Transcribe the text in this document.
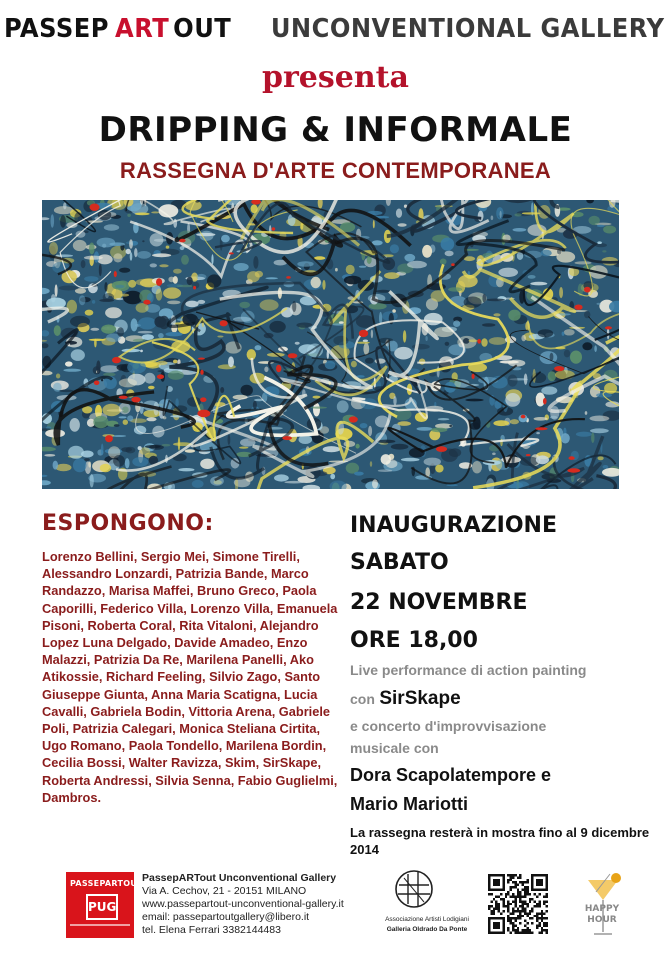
PASSEP ART OUT UNCONVENTIONAL GALLERY
presenta
DRIPPING & INFORMALE
RASSEGNA D'ARTE CONTEMPORANEA
ESPONGONO:
Lorenzo Bellini, Sergio Mei, Simone Tirelli, Alessandro Lonzardi, Patrizia Bande, Marco Randazzo, Marisa Maffei, Bruno Greco, Paola Caporilli, Federico Villa, Lorenzo Villa, Emanuela Pisoni, Roberta Coral, Rita Vitaloni, Alejandro Lopez Luna Delgado, Davide Amadeo, Enzo Malazzi, Patrizia Da Re, Marilena Panelli, Ako Atikossie, Richard Feeling, Silvio Zago, Santo Giuseppe Giunta, Anna Maria Scatigna, Lucia Cavalli, Gabriela Bodin, Vittoria Arena, Gabriele Poli, Patrizia Calegari, Monica Steliana Cirtita, Ugo Romano, Paola Tondello, Marilena Bordin, Cecilia Bossi, Walter Ravizza, Skim, SirSkape, Roberta Andressi, Silvia Senna, Fabio Guglielmi, Dambros.
INAUGURAZIONE
SABATO
22 NOVEMBRE
ORE 18,00
Live performance di action painting
con SirSkape
e concerto d'improvvisazione
musicale con
Dora Scapolatempore e
Mario Mariotti
La rassegna resterà in mostra fino al 9 dicembre 2014
PASSEPARTOUT
PUG
PassepARTout Unconventional Gallery
Via A. Cechov, 21 - 20151 MILANO
www.passepartout-unconventional-gallery.it
email: passepartoutgallery@libero.it
tel. Elena Ferrari 3382144483
Associazione Artisti Lodigiani
Galleria Oldrado Da Ponte
HAPPY HOUR
